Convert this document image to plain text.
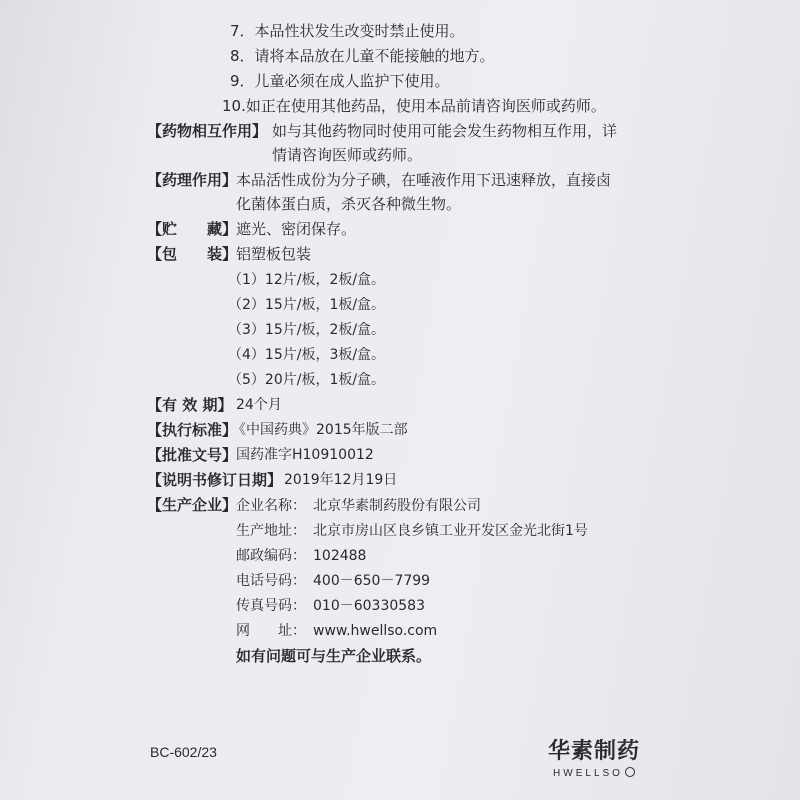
7．本品性状发生改变时禁止使用。
8．请将本品放在儿童不能接触的地方。
9．儿童必须在成人监护下使用。
10.如正在使用其他药品，使用本品前请咨询医师或药师。
【药物相互作用】 如与其他药物同时使用可能会发生药物相互作用，详
情请咨询医师或药师。
【药理作用】
本品活性成份为分子碘，在唾液作用下迅速释放，直接卤
化菌体蛋白质，杀灭各种微生物。
【贮　　藏】
遮光、密闭保存。
【包　　装】
铝塑板包装
（1）12片/板，2板/盒。
（2）15片/板，1板/盒。
（3）15片/板，2板/盒。
（4）15片/板，3板/盒。
（5）20片/板，1板/盒。
【有 效 期】 24个月
【执行标准】
《中国药典》2015年版二部
【批准文号】
国药准字H10910012
【说明书修订日期】 2019年12月19日
【生产企业】
企业名称： 北京华素制药股份有限公司
生产地址： 北京市房山区良乡镇工业开发区金光北街1号
邮政编码： 102488
电话号码： 400－650－7799
传真号码： 010－60330583
网　　址： www.hwellso.com
如有问题可与生产企业联系。
BC-602/23	华素制药
HWELLSO
